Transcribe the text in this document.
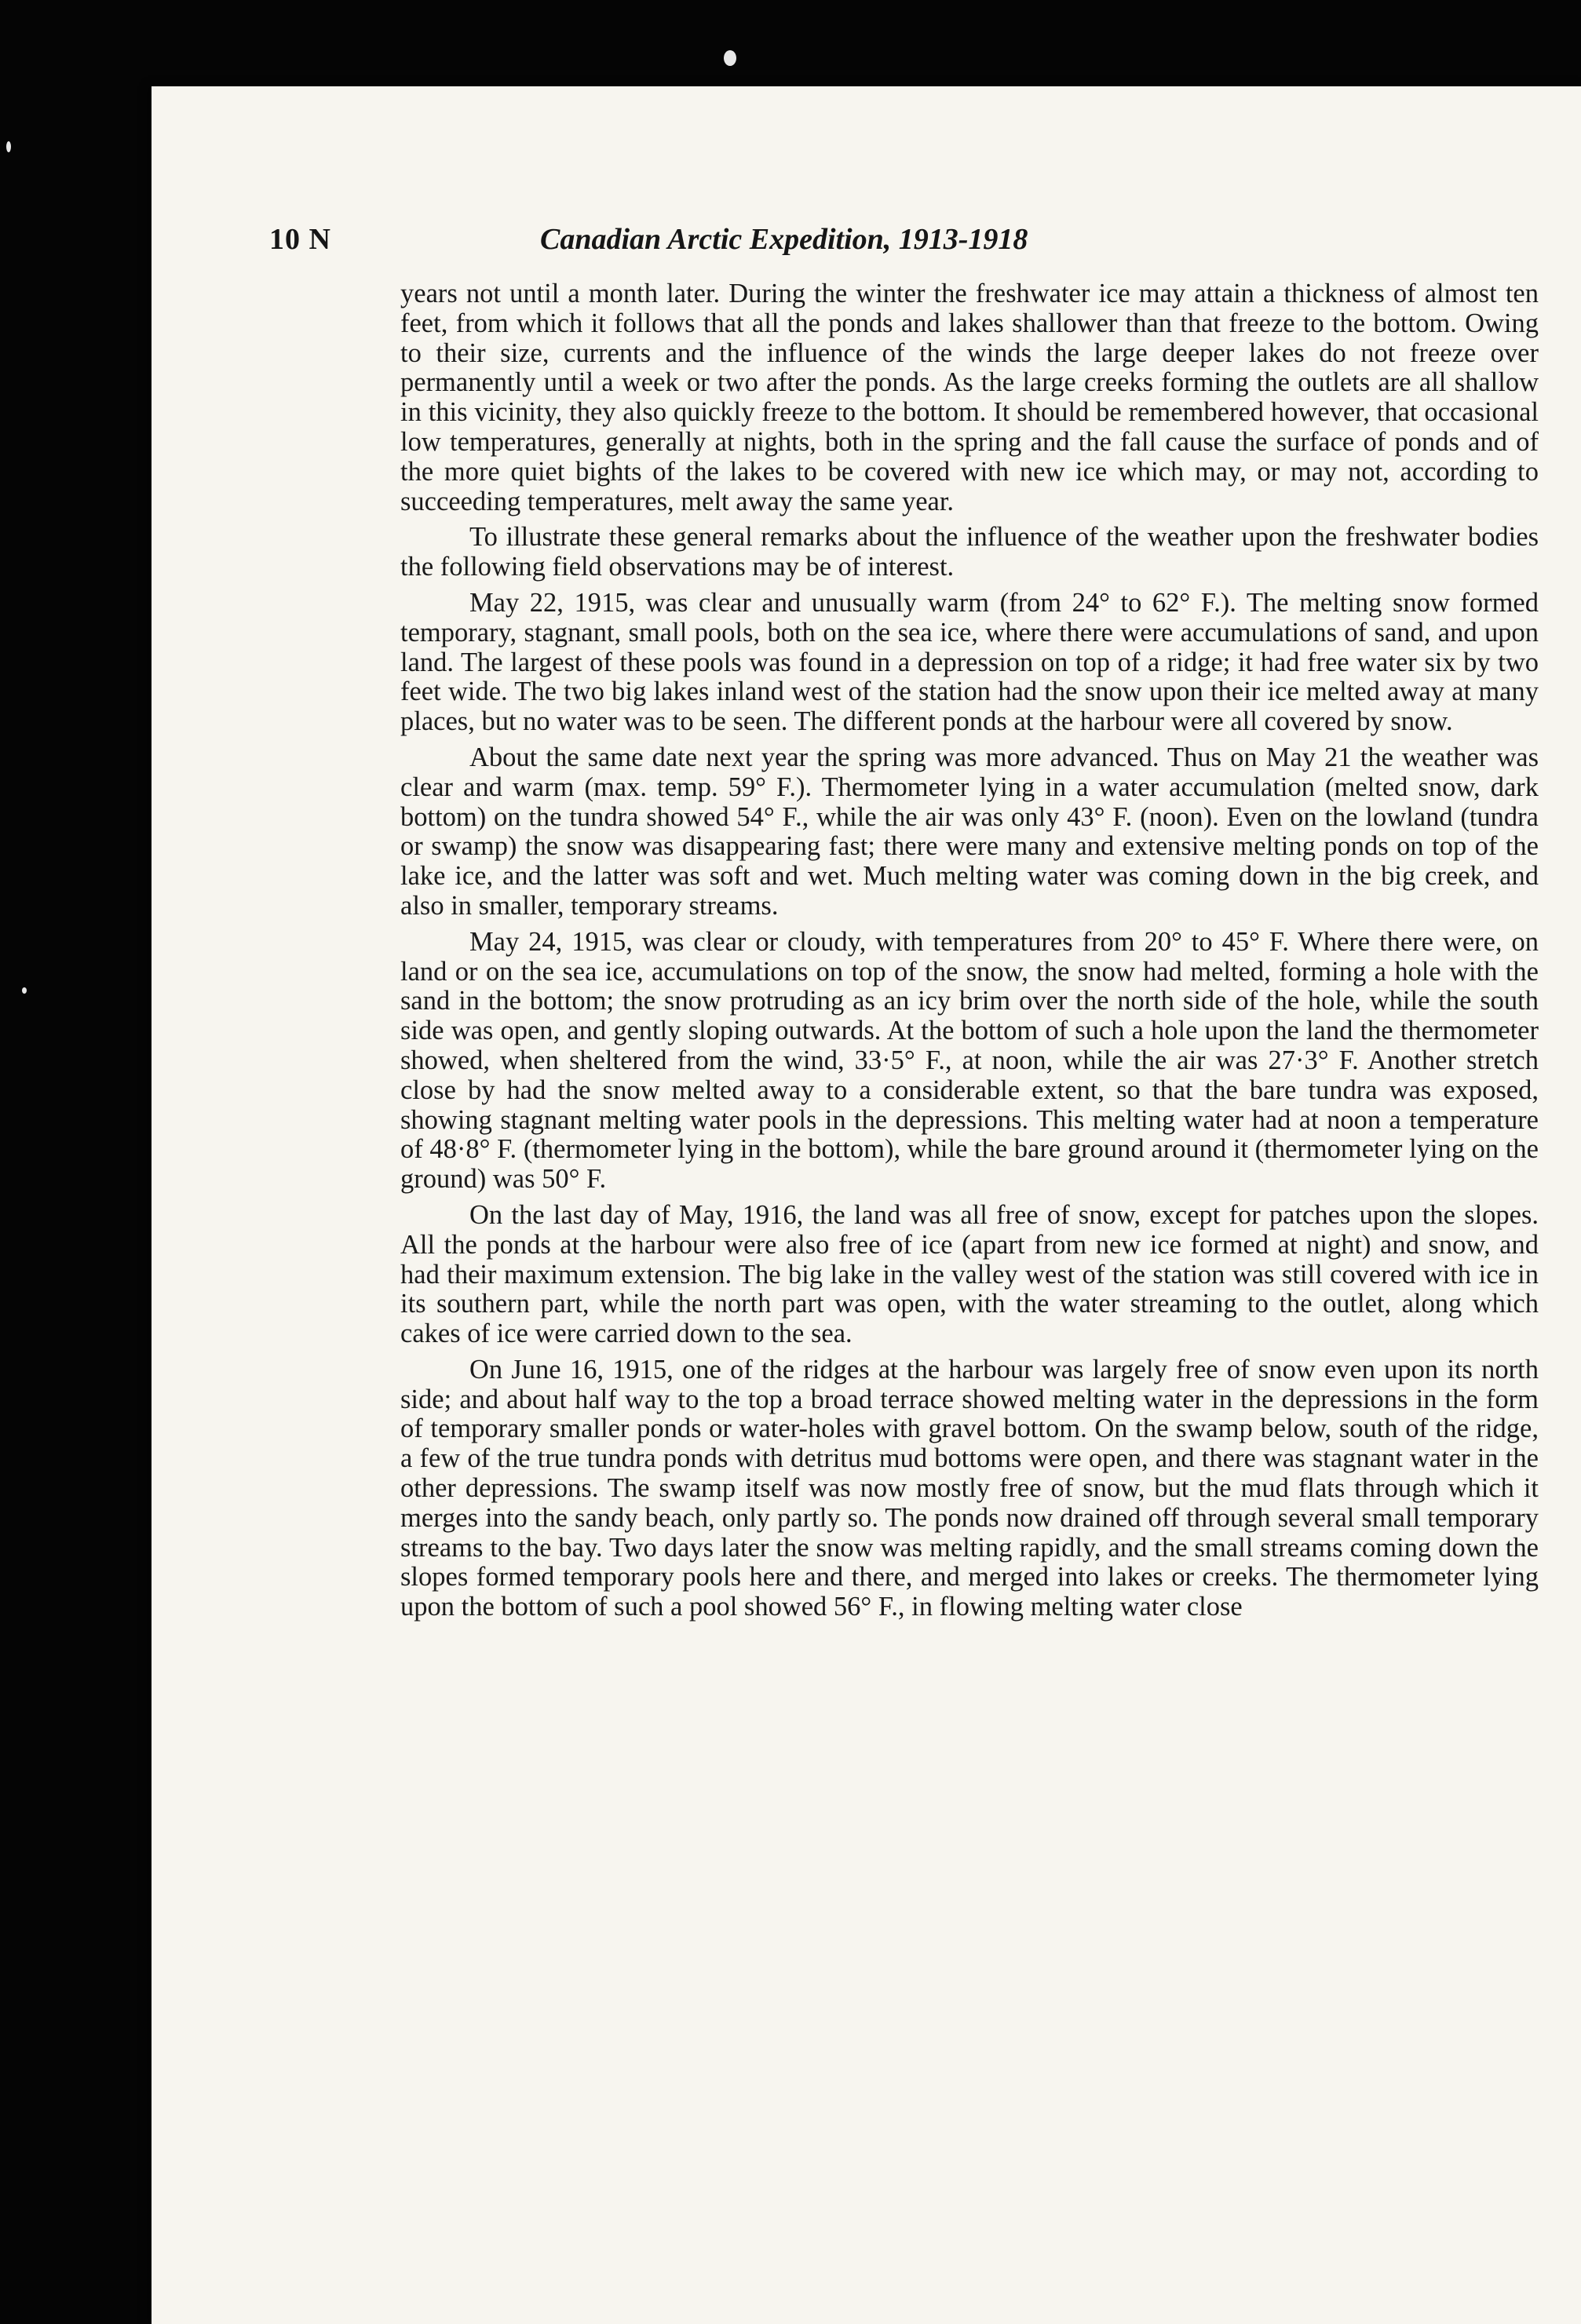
10 N	Canadian Arctic Expedition, 1913-1918

years not until a month later. During the winter the freshwater ice may attain a thickness of almost ten feet, from which it follows that all the ponds and lakes shallower than that freeze to the bottom. Owing to their size, currents and the influence of the winds the large deeper lakes do not freeze over permanently until a week or two after the ponds. As the large creeks forming the outlets are all shallow in this vicinity, they also quickly freeze to the bottom. It should be remembered however, that occasional low temperatures, generally at nights, both in the spring and the fall cause the surface of ponds and of the more quiet bights of the lakes to be covered with new ice which may, or may not, according to succeeding temperatures, melt away the same year.

To illustrate these general remarks about the influence of the weather upon the freshwater bodies the following field observations may be of interest.

May 22, 1915, was clear and unusually warm (from 24° to 62° F.). The melting snow formed temporary, stagnant, small pools, both on the sea ice, where there were accumulations of sand, and upon land. The largest of these pools was found in a depression on top of a ridge; it had free water six by two feet wide. The two big lakes inland west of the station had the snow upon their ice melted away at many places, but no water was to be seen. The different ponds at the harbour were all covered by snow.

About the same date next year the spring was more advanced. Thus on May 21 the weather was clear and warm (max. temp. 59° F.). Thermometer lying in a water accumulation (melted snow, dark bottom) on the tundra showed 54° F., while the air was only 43° F. (noon). Even on the lowland (tundra or swamp) the snow was disappearing fast; there were many and extensive melting ponds on top of the lake ice, and the latter was soft and wet. Much melting water was coming down in the big creek, and also in smaller, temporary streams.

May 24, 1915, was clear or cloudy, with temperatures from 20° to 45° F. Where there were, on land or on the sea ice, accumulations on top of the snow, the snow had melted, forming a hole with the sand in the bottom; the snow protruding as an icy brim over the north side of the hole, while the south side was open, and gently sloping outwards. At the bottom of such a hole upon the land the thermometer showed, when sheltered from the wind, 33·5° F., at noon, while the air was 27·3° F. Another stretch close by had the snow melted away to a considerable extent, so that the bare tundra was exposed, showing stagnant melting water pools in the depressions. This melting water had at noon a temperature of 48·8° F. (thermometer lying in the bottom), while the bare ground around it (thermometer lying on the ground) was 50° F.

On the last day of May, 1916, the land was all free of snow, except for patches upon the slopes. All the ponds at the harbour were also free of ice (apart from new ice formed at night) and snow, and had their maximum extension. The big lake in the valley west of the station was still covered with ice in its southern part, while the north part was open, with the water streaming to the outlet, along which cakes of ice were carried down to the sea.

On June 16, 1915, one of the ridges at the harbour was largely free of snow even upon its north side; and about half way to the top a broad terrace showed melting water in the depressions in the form of temporary smaller ponds or water-holes with gravel bottom. On the swamp below, south of the ridge, a few of the true tundra ponds with detritus mud bottoms were open, and there was stagnant water in the other depressions. The swamp itself was now mostly free of snow, but the mud flats through which it merges into the sandy beach, only partly so. The ponds now drained off through several small temporary streams to the bay. Two days later the snow was melting rapidly, and the small streams coming down the slopes formed temporary pools here and there, and merged into lakes or creeks. The thermometer lying upon the bottom of such a pool showed 56° F., in flowing melting water close
